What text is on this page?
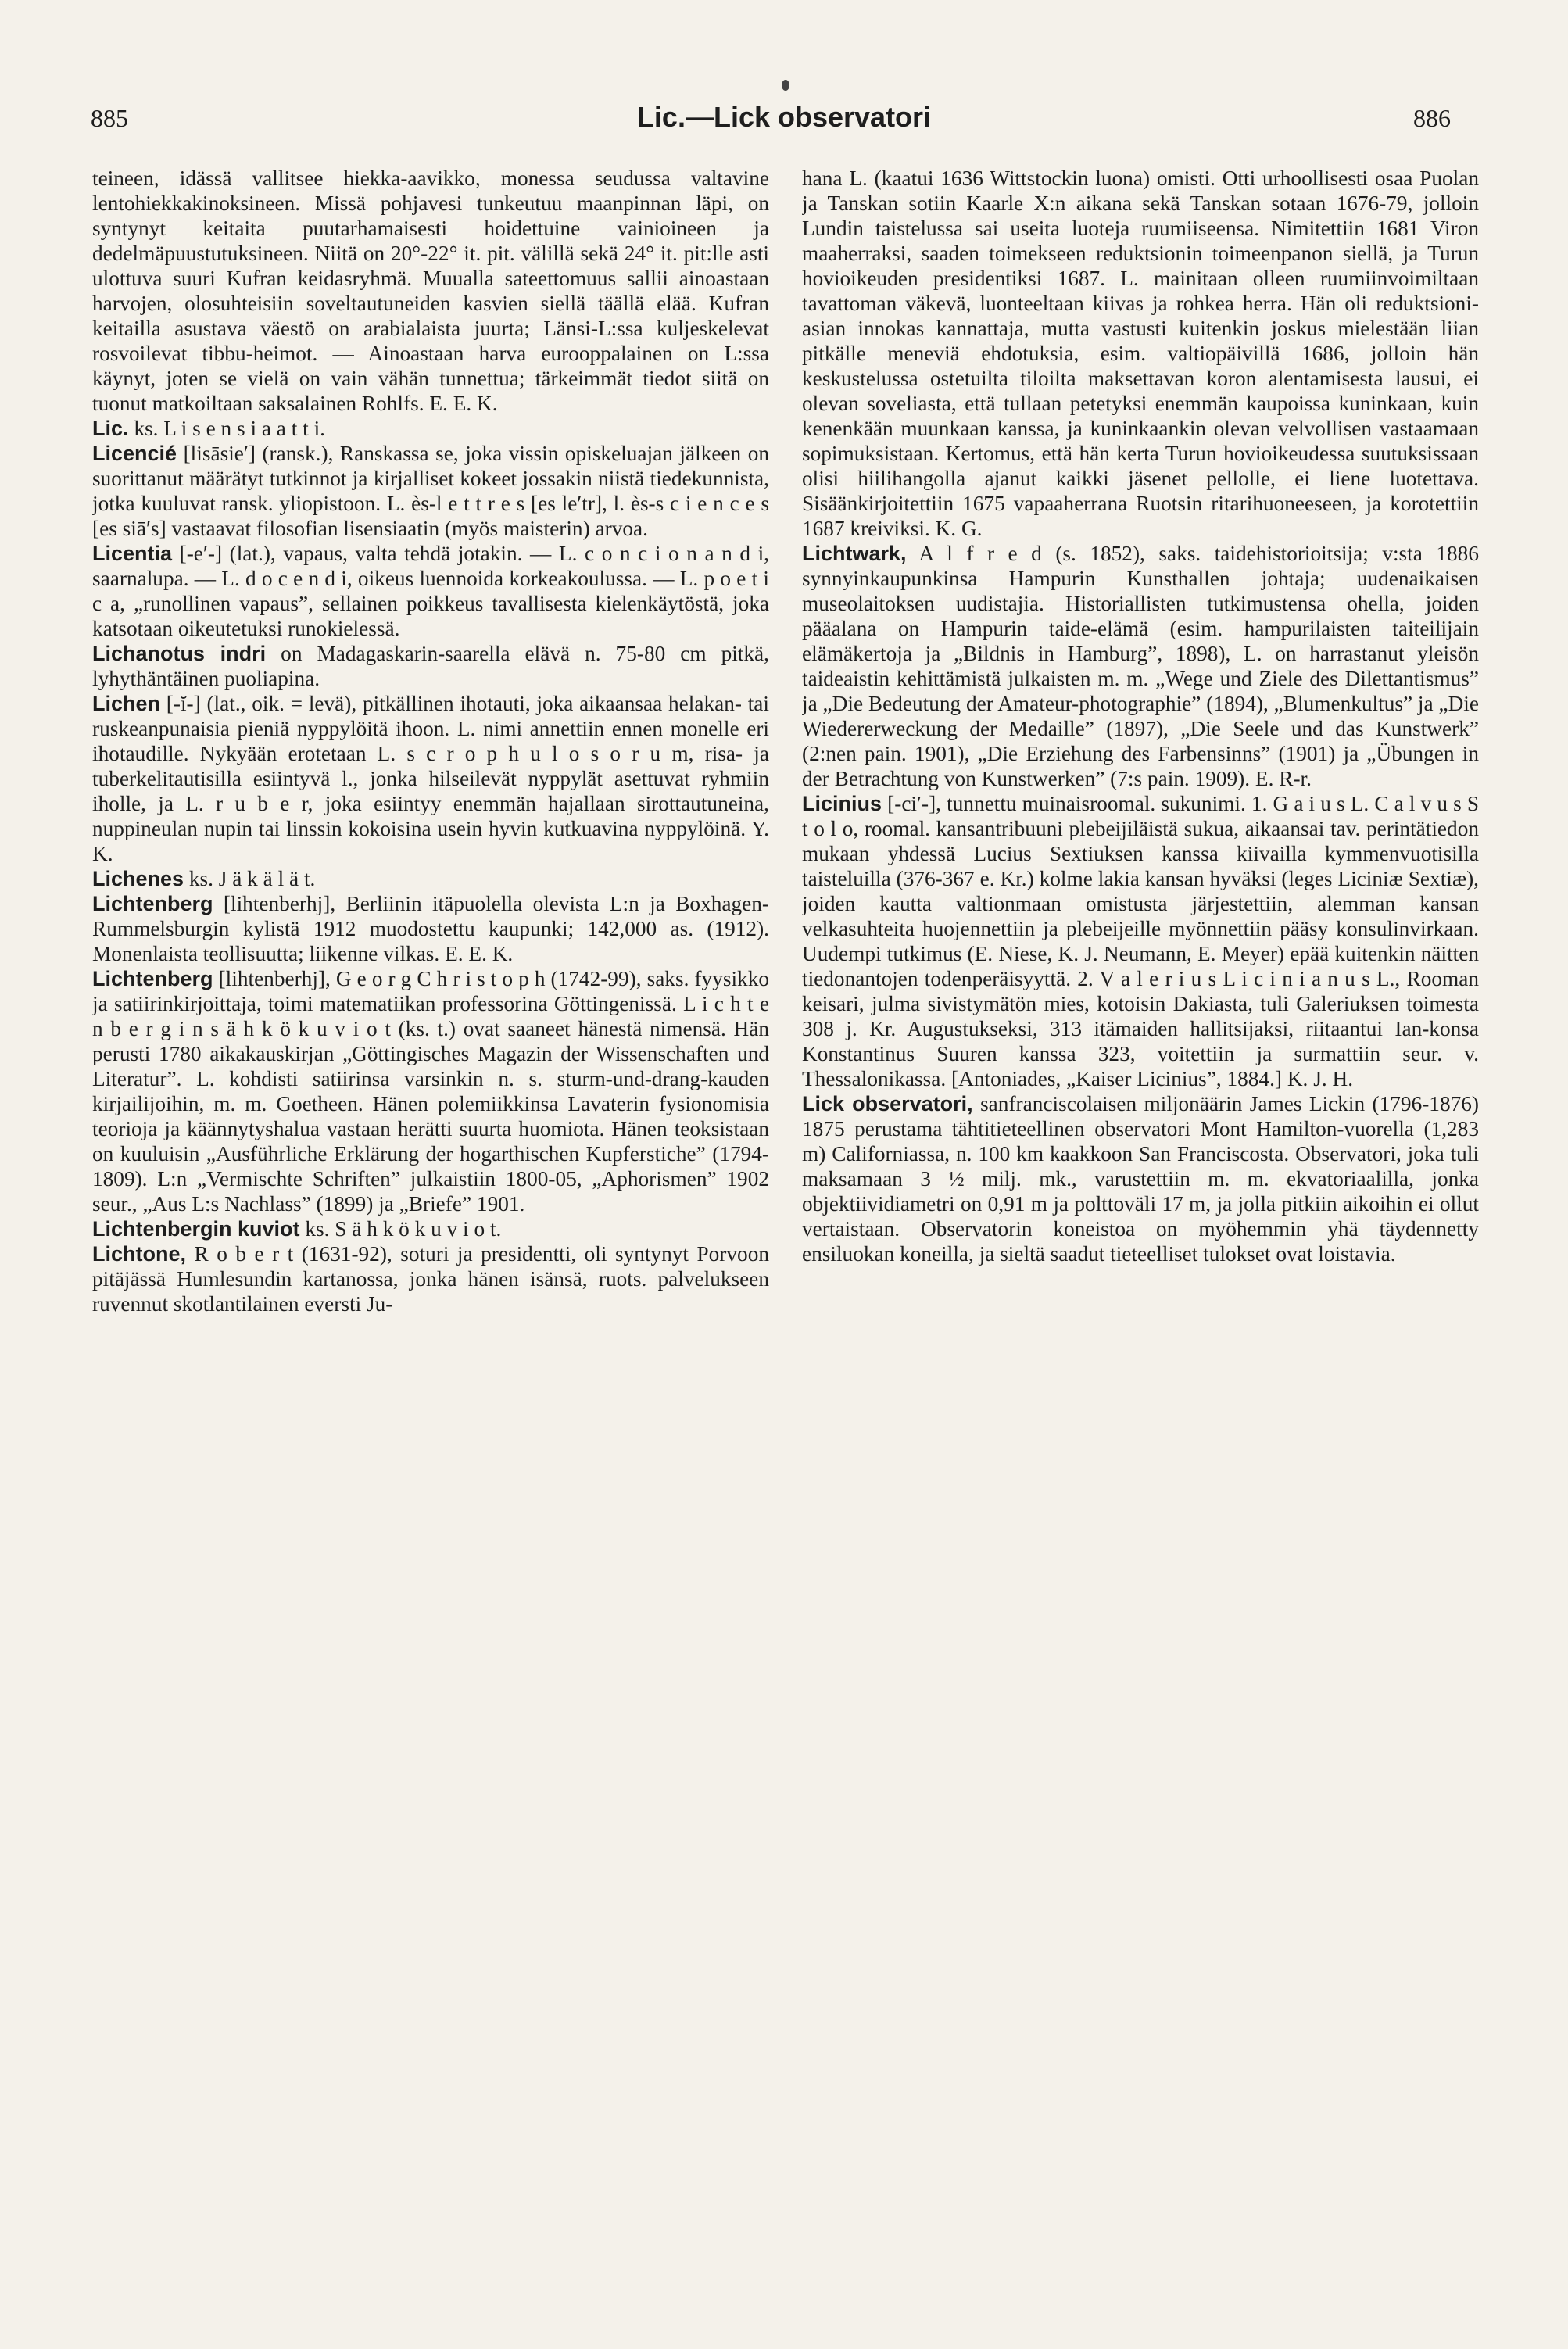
885	Lic.—Lick observatori	886

teineen, idässä vallitsee hiekka-aavikko, monessa seudussa valtavine lentohiekkakinoksineen. Missä pohjavesi tunkeutuu maanpinnan läpi, on syntynyt keitaita puutarhamaisesti hoidettuine vainioineen ja dedelmäpuustutuksineen. Niitä on 20°-22° it. pit. välillä sekä 24° it. pit:lle asti ulottuva suuri Kufran keidasryhmä. Muualla sateettomuus sallii ainoastaan harvojen, olosuhteisiin soveltautuneiden kasvien siellä täällä elää. Kufran keitailla asustava väestö on arabialaista juurta; Länsi-L:ssa kuljeskelevat rosvoilevat tibbu-heimot. — Ainoastaan harva eurooppalainen on L:ssa käynyt, joten se vielä on vain vähän tunnettua; tärkeimmät tiedot siitä on tuonut matkoiltaan saksalainen Rohlfs. E. E. K.

Lic. ks. L i s e n s i a a t t i.

Licencié [lisāsie′] (ransk.), Ranskassa se, joka vissin opiskeluajan jälkeen on suorittanut määrätyt tutkinnot ja kirjalliset kokeet jossakin niistä tiedekunnista, jotka kuuluvat ransk. yliopistoon. L. ès-l e t t r e s [es le′tr], l. ès-s c i e n c e s [es siā′s] vastaavat filosofian lisensiaatin (myös maisterin) arvoa.

Licentia [-e′-] (lat.), vapaus, valta tehdä jotakin. — L. c o n c i o n a n d i, saarnalupa. — L. d o c e n d i, oikeus luennoida korkeakoulussa. — L. p o e t i c a, „runollinen vapaus”, sellainen poikkeus tavallisesta kielenkäytöstä, joka katsotaan oikeutetuksi runokielessä.

Lichanotus indri on Madagaskarin-saarella elävä n. 75-80 cm pitkä, lyhythäntäinen puoliapina.

Lichen [-ĭ-] (lat., oik. = levä), pitkällinen ihotauti, joka aikaansaa helakan- tai ruskeanpunaisia pieniä nyppylöitä ihoon. L. nimi annettiin ennen monelle eri ihotaudille. Nykyään erotetaan L. s c r o p h u l o s o r u m, risa- ja tuberkelitautisilla esiintyvä l., jonka hilseilevät nyppylät asettuvat ryhmiin iholle, ja L. r u b e r, joka esiintyy enemmän hajallaan sirottautuneina, nuppineulan nupin tai linssin kokoisina usein hyvin kutkuavina nyppylöinä. Y. K.

Lichenes ks. J ä k ä l ä t.

Lichtenberg [lihtenberhj], Berliinin itäpuolella olevista L:n ja Boxhagen-Rummelsburgin kylistä 1912 muodostettu kaupunki; 142,000 as. (1912). Monenlaista teollisuutta; liikenne vilkas. E. E. K.

Lichtenberg [lihtenberhj], G e o r g C h r i s t o p h (1742-99), saks. fyysikko ja satiirinkirjoittaja, toimi matematiikan professorina Göttingenissä. L i c h t e n b e r g i n s ä h k ö k u v i o t (ks. t.) ovat saaneet hänestä nimensä. Hän perusti 1780 aikakauskirjan „Göttingisches Magazin der Wissenschaften und Literatur”. L. kohdisti satiirinsa varsinkin n. s. sturm-und-drang-kauden kirjailijoihin, m. m. Goetheen. Hänen polemiikkinsa Lavaterin fysionomisia teorioja ja käännytyshalua vastaan herätti suurta huomiota. Hänen teoksistaan on kuuluisin „Ausführliche Erklärung der hogarthischen Kupferstiche” (1794-1809). L:n „Vermischte Schriften” julkaistiin 1800-05, „Aphorismen” 1902 seur., „Aus L:s Nachlass” (1899) ja „Briefe” 1901.

Lichtenbergin kuviot ks. S ä h k ö k u v i o t.

Lichtone, R o b e r t (1631-92), soturi ja presidentti, oli syntynyt Porvoon pitäjässä Humlesundin kartanossa, jonka hänen isänsä, ruots. palvelukseen ruvennut skotlantilainen eversti Ju-

hana L. (kaatui 1636 Wittstockin luona) omisti. Otti urhoollisesti osaa Puolan ja Tanskan sotiin Kaarle X:n aikana sekä Tanskan sotaan 1676-79, jolloin Lundin taistelussa sai useita luoteja ruumiiseensa. Nimitettiin 1681 Viron maaherraksi, saaden toimekseen reduktsionin toimeenpanon siellä, ja Turun hovioikeuden presidentiksi 1687. L. mainitaan olleen ruumiinvoimiltaan tavattoman väkevä, luonteeltaan kiivas ja rohkea herra. Hän oli reduktsioni-asian innokas kannattaja, mutta vastusti kuitenkin joskus mielestään liian pitkälle meneviä ehdotuksia, esim. valtiopäivillä 1686, jolloin hän keskustelussa ostetuilta tiloilta maksettavan koron alentamisesta lausui, ei olevan soveliasta, että tullaan petetyksi enemmän kaupoissa kuninkaan, kuin kenenkään muunkaan kanssa, ja kuninkaankin olevan velvollisen vastaamaan sopimuksistaan. Kertomus, että hän kerta Turun hovioikeudessa suutuksissaan olisi hiilihangolla ajanut kaikki jäsenet pellolle, ei liene luotettava. Sisäänkirjoitettiin 1675 vapaaherrana Ruotsin ritarihuoneeseen, ja korotettiin 1687 kreiviksi. K. G.

Lichtwark, A l f r e d (s. 1852), saks. taidehistorioitsija; v:sta 1886 synnyinkaupunkinsa Hampurin Kunsthallen johtaja; uudenaikaisen museolaitoksen uudistajia. Historiallisten tutkimustensa ohella, joiden pääalana on Hampurin taide-elämä (esim. hampurilaisten taiteilijain elämäkertoja ja „Bildnis in Hamburg”, 1898), L. on harrastanut yleisön taideaistin kehittämistä julkaisten m. m. „Wege und Ziele des Dilettantismus” ja „Die Bedeutung der Amateur-photographie” (1894), „Blumenkultus” ja „Die Wiedererweckung der Medaille” (1897), „Die Seele und das Kunstwerk” (2:nen pain. 1901), „Die Erziehung des Farbensinns” (1901) ja „Übungen in der Betrachtung von Kunstwerken” (7:s pain. 1909). E. R-r.

Licinius [-ci′-], tunnettu muinaisroomal. sukunimi. 1. G a i u s L. C a l v u s S t o l o, roomal. kansantribuuni plebeijiläistä sukua, aikaansai tav. perintätiedon mukaan yhdessä Lucius Sextiuksen kanssa kiivailla kymmenvuotisilla taisteluilla (376-367 e. Kr.) kolme lakia kansan hyväksi (leges Liciniæ Sextiæ), joiden kautta valtionmaan omistusta järjestettiin, alemman kansan velkasuhteita huojennettiin ja plebeijeille myönnettiin pääsy konsulinvirkaan. Uudempi tutkimus (E. Niese, K. J. Neumann, E. Meyer) epää kuitenkin näitten tiedonantojen todenperäisyyttä. 2. V a l e r i u s L i c i n i a n u s L., Rooman keisari, julma sivistymätön mies, kotoisin Dakiasta, tuli Galeriuksen toimesta 308 j. Kr. Augustukseksi, 313 itämaiden hallitsijaksi, riitaantui Ian-konsa Konstantinus Suuren kanssa 323, voitettiin ja surmattiin seur. v. Thessalonikassa. [Antoniades, „Kaiser Licinius”, 1884.] K. J. H.

Lick observatori, sanfranciscolaisen miljonäärin James Lickin (1796-1876) 1875 perustama tähtitieteellinen observatori Mont Hamilton-vuorella (1,283 m) Californiassa, n. 100 km kaakkoon San Franciscosta. Observatori, joka tuli maksamaan 3 ½ milj. mk., varustettiin m. m. ekvatoriaalilla, jonka objektiividiametri on 0,91 m ja polttoväli 17 m, ja jolla pitkiin aikoihin ei ollut vertaistaan. Observatorin koneistoa on myöhemmin yhä täydennetty ensiluokan koneilla, ja sieltä saadut tieteelliset tulokset ovat loistavia.
